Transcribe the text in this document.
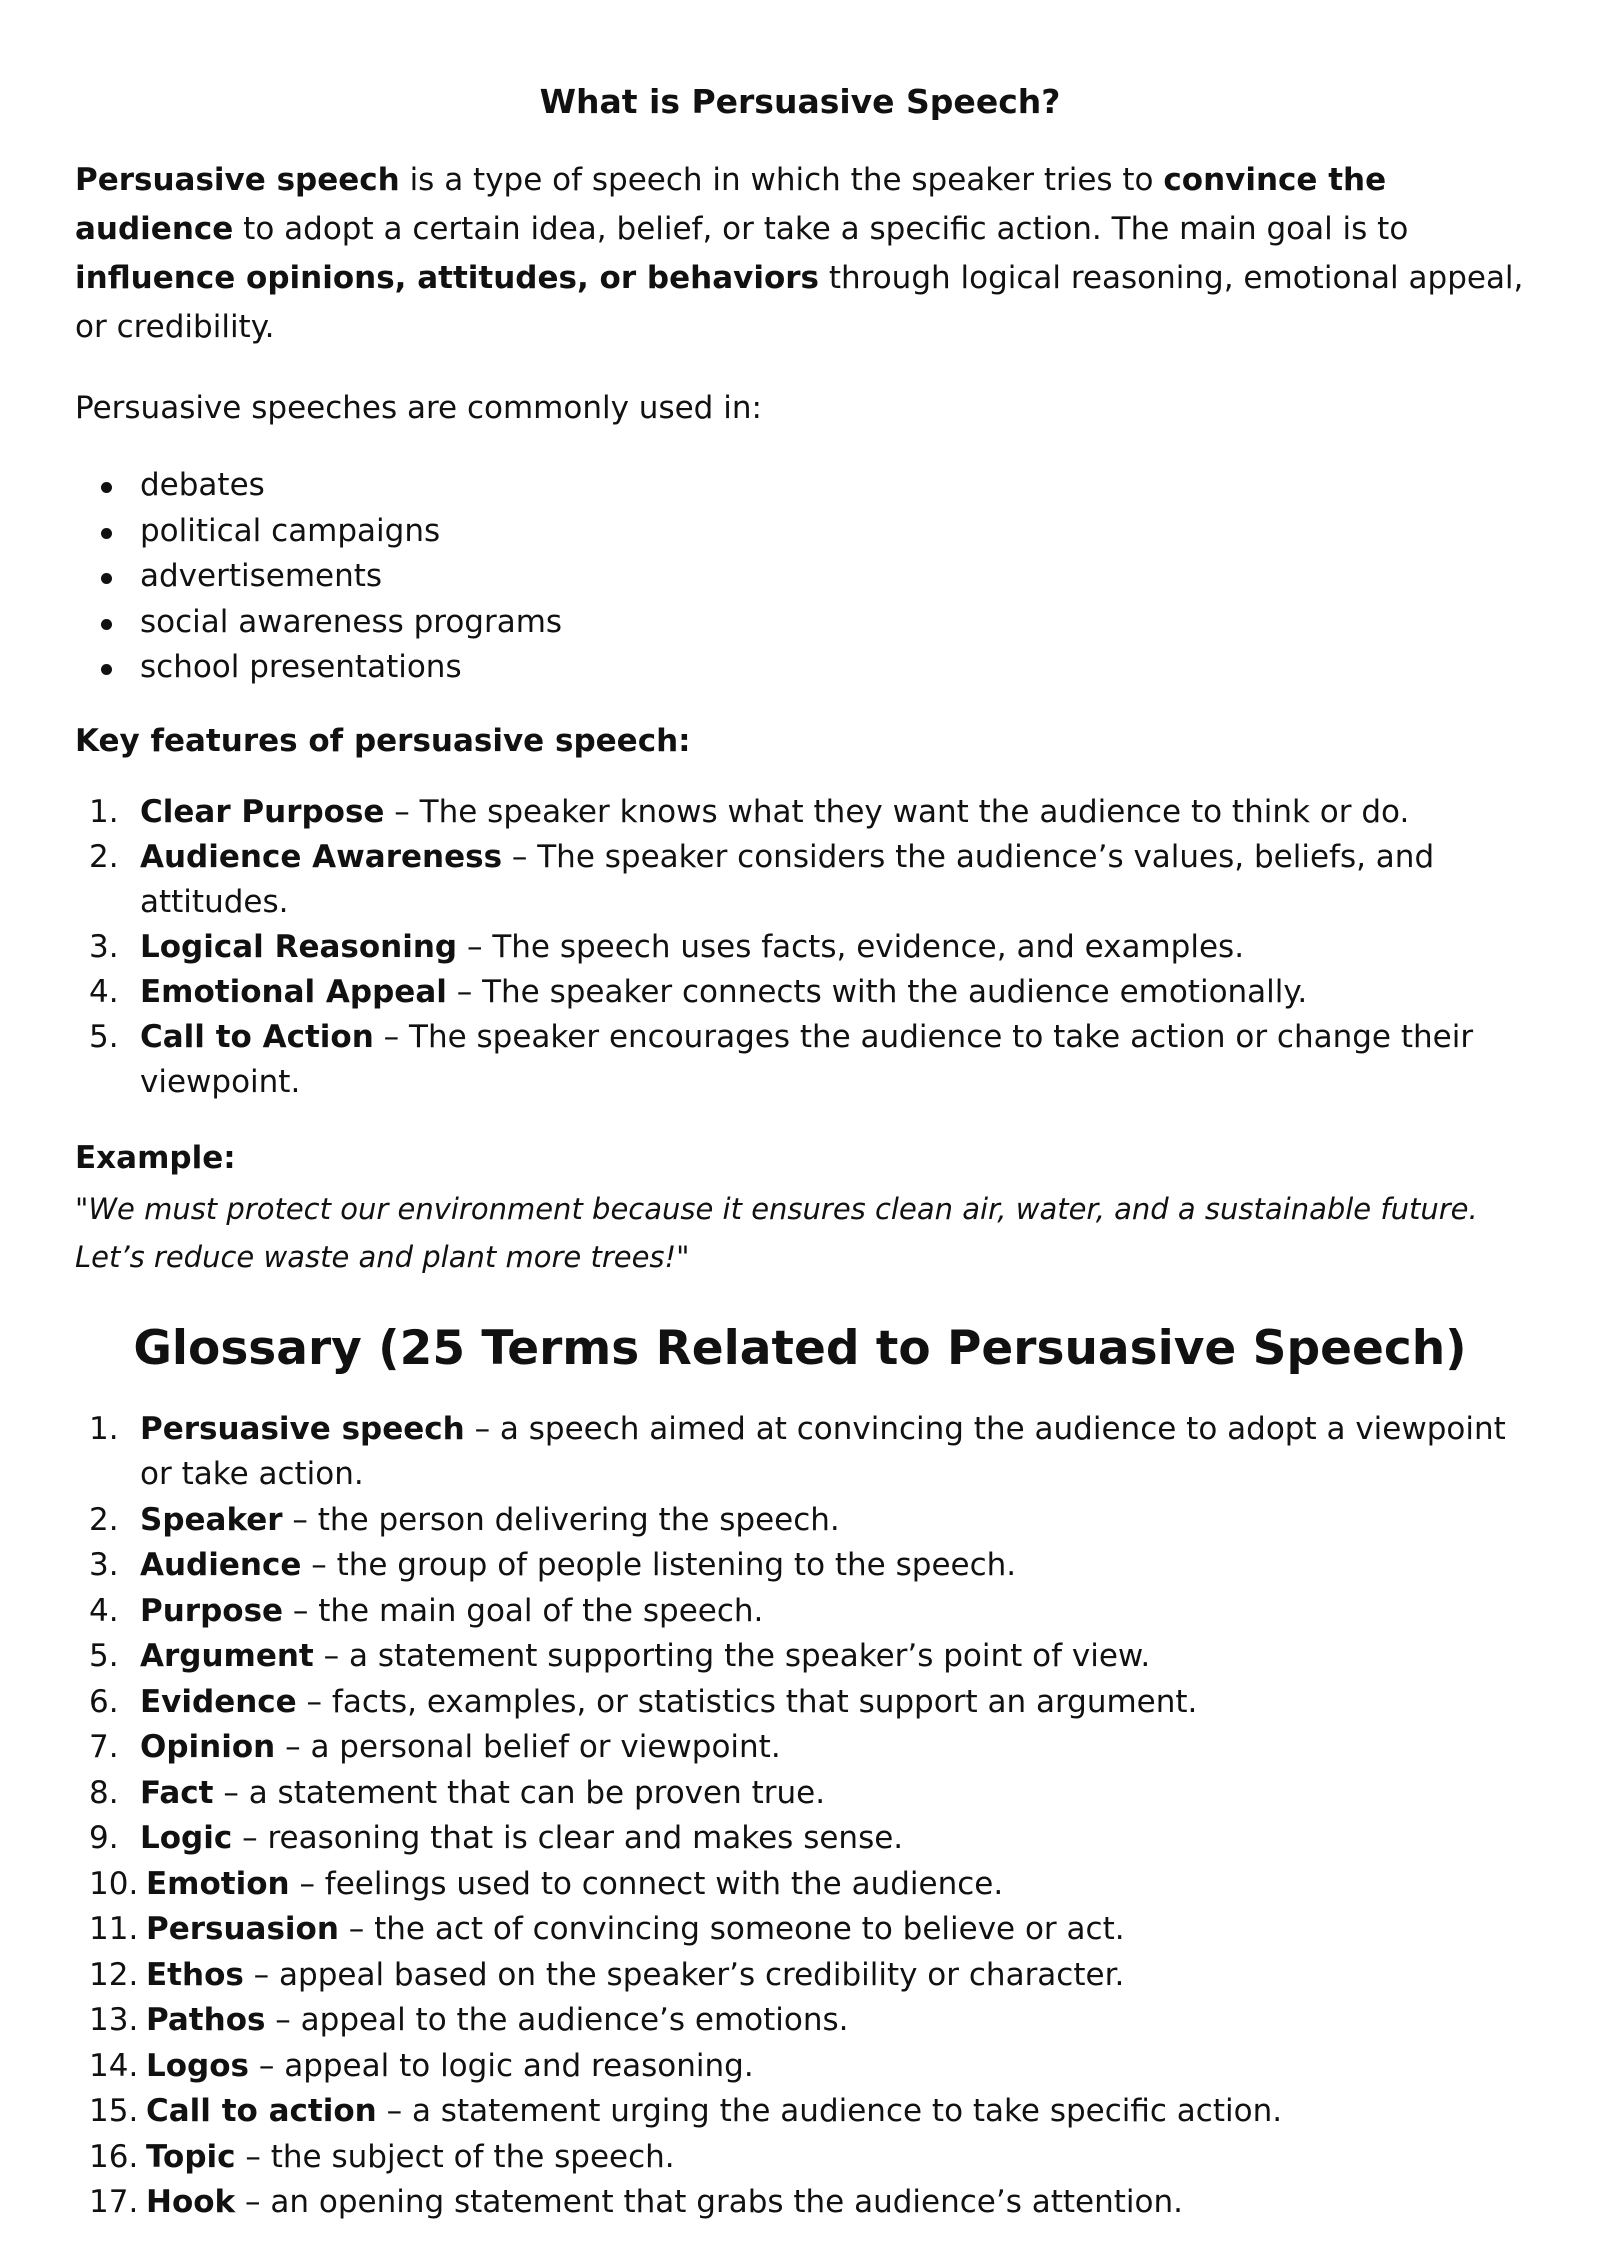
What is Persuasive Speech?

Persuasive speech is a type of speech in which the speaker tries to convince the audience to adopt a certain idea, belief, or take a specific action. The main goal is to influence opinions, attitudes, or behaviors through logical reasoning, emotional appeal, or credibility.

Persuasive speeches are commonly used in:

debates
political campaigns
advertisements
social awareness programs
school presentations

Key features of persuasive speech:

1. Clear Purpose – The speaker knows what they want the audience to think or do.
2. Audience Awareness – The speaker considers the audience’s values, beliefs, and attitudes.
3. Logical Reasoning – The speech uses facts, evidence, and examples.
4. Emotional Appeal – The speaker connects with the audience emotionally.
5. Call to Action – The speaker encourages the audience to take action or change their viewpoint.

Example:

"We must protect our environment because it ensures clean air, water, and a sustainable future. Let’s reduce waste and plant more trees!"

Glossary (25 Terms Related to Persuasive Speech)
1. Persuasive speech – a speech aimed at convincing the audience to adopt a viewpoint or take action.
2. Speaker – the person delivering the speech.
3. Audience – the group of people listening to the speech.
4. Purpose – the main goal of the speech.
5. Argument – a statement supporting the speaker’s point of view.
6. Evidence – facts, examples, or statistics that support an argument.
7. Opinion – a personal belief or viewpoint.
8. Fact – a statement that can be proven true.
9. Logic – reasoning that is clear and makes sense.
10. Emotion – feelings used to connect with the audience.
11. Persuasion – the act of convincing someone to believe or act.
12. Ethos – appeal based on the speaker’s credibility or character.
13. Pathos – appeal to the audience’s emotions.
14. Logos – appeal to logic and reasoning.
15. Call to action – a statement urging the audience to take specific action.
16. Topic – the subject of the speech.
17. Hook – an opening statement that grabs the audience’s attention.
